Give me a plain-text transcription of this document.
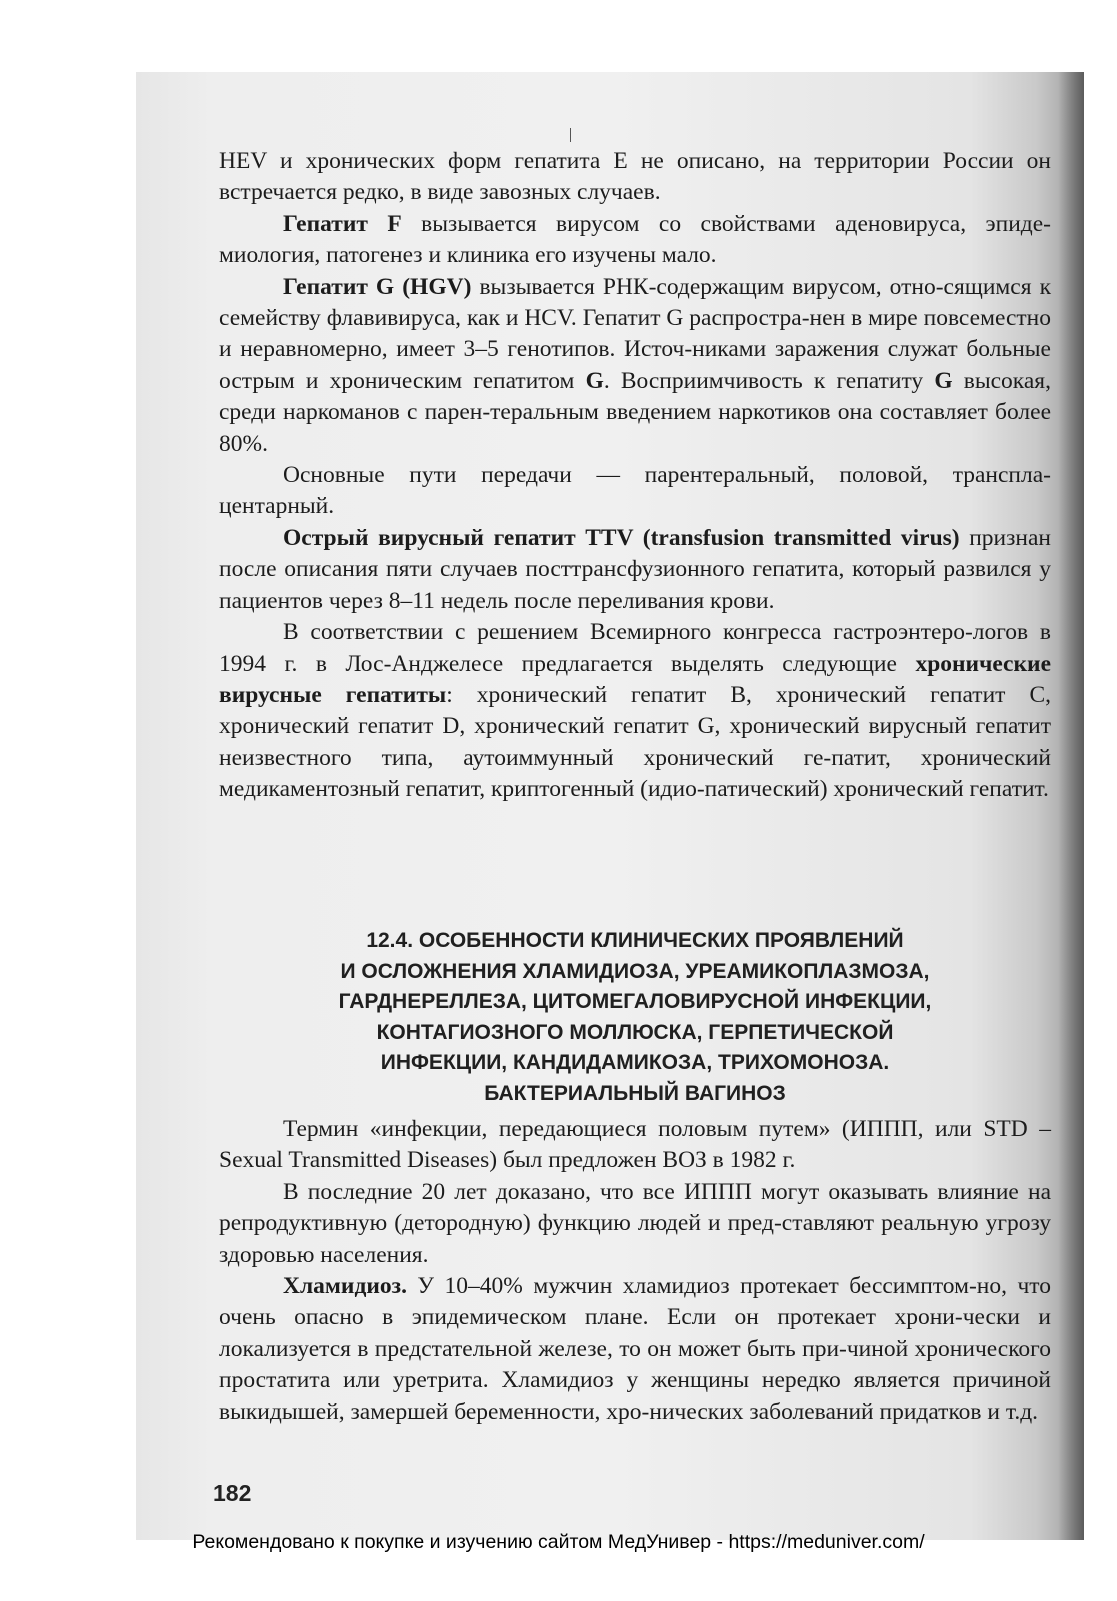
HEV и хронических форм гепатита Е не описано, на территории России он встречается редко, в виде завозных случаев.

Гепатит F вызывается вирусом со свойствами аденовируса, эпиде-миология, патогенез и клиника его изучены мало.

Гепатит G (HGV) вызывается РНК-содержащим вирусом, отно-сящимся к семейству флавивируса, как и HCV. Гепатит G распростра-нен в мире повсеместно и неравномерно, имеет 3–5 генотипов. Источ-никами заражения служат больные острым и хроническим гепатитом G. Восприимчивость к гепатиту G высокая, среди наркоманов с парен-теральным введением наркотиков она составляет более 80%.

Основные пути передачи — парентеральный, половой, транспла-центарный.

Острый вирусный гепатит TTV (transfusion transmitted virus) признан после описания пяти случаев посттрансфузионного гепатита, который развился у пациентов через 8–11 недель после переливания крови.

В соответствии с решением Всемирного конгресса гастроэнтеро-логов в 1994 г. в Лос-Анджелесе предлагается выделять следующие хронические вирусные гепатиты: хронический гепатит В, хронический гепатит С, хронический гепатит D, хронический гепатит G, хронический вирусный гепатит неизвестного типа, аутоиммунный хронический ге-патит, хронический медикаментозный гепатит, криптогенный (идио-патический) хронический гепатит.

12.4. ОСОБЕННОСТИ КЛИНИЧЕСКИХ ПРОЯВЛЕНИЙ
И ОСЛОЖНЕНИЯ ХЛАМИДИОЗА, УРЕАМИКОПЛАЗМОЗА,
ГАРДНЕРЕЛЛЕЗА, ЦИТОМЕГАЛОВИРУСНОЙ ИНФЕКЦИИ,
КОНТАГИОЗНОГО МОЛЛЮСКА, ГЕРПЕТИЧЕСКОЙ
ИНФЕКЦИИ, КАНДИДАМИКОЗА, ТРИХОМОНОЗА.
БАКТЕРИАЛЬНЫЙ ВАГИНОЗ

Термин «инфекции, передающиеся половым путем» (ИППП, или STD – Sexual Transmitted Diseases) был предложен ВОЗ в 1982 г.

В последние 20 лет доказано, что все ИППП могут оказывать влияние на репродуктивную (детородную) функцию людей и пред-ставляют реальную угрозу здоровью населения.

Хламидиоз. У 10–40% мужчин хламидиоз протекает бессимптом-но, что очень опасно в эпидемическом плане. Если он протекает хрони-чески и локализуется в предстательной железе, то он может быть при-чиной хронического простатита или уретрита. Хламидиоз у женщины нередко является причиной выкидышей, замершей беременности, хро-нических заболеваний придатков и т.д.

182
Рекомендовано к покупке и изучению сайтом МедУнивер - https://meduniver.com/
